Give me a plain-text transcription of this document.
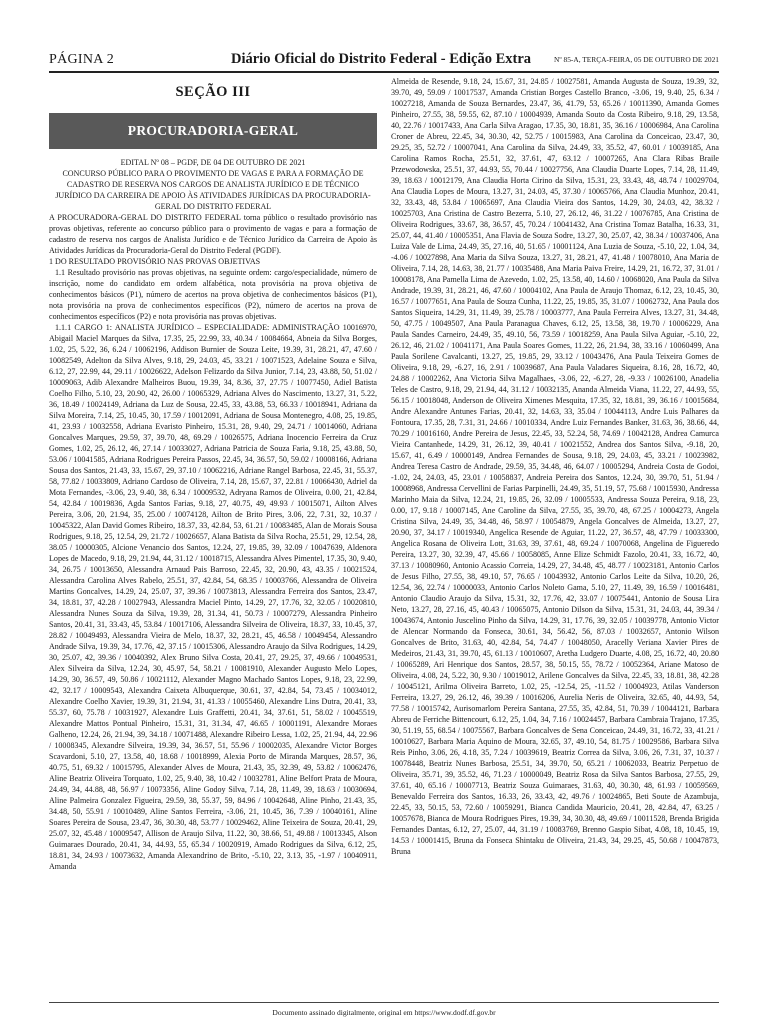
PÁGINA 2	Diário Oficial do Distrito Federal - Edição Extra	Nº 85-A, TERÇA-FEIRA, 05 DE OUTUBRO DE 2021
SEÇÃO III
PROCURADORIA-GERAL
EDITAL Nº 08 – PGDF, DE 04 DE OUTUBRO DE 2021
CONCURSO PÚBLICO PARA O PROVIMENTO DE VAGAS E PARA A FORMAÇÃO DE CADASTRO DE RESERVA NOS CARGOS DE ANALISTA JURÍDICO E DE TÉCNICO JURÍDICO DA CARREIRA DE APOIO ÀS ATIVIDADES JURÍDICAS DA PROCURADORIA-GERAL DO DISTRITO FEDERAL
A PROCURADORA-GERAL DO DISTRITO FEDERAL torna público o resultado provisório nas provas objetivas, referente ao concurso público para o provimento de vagas e para a formação de cadastro de reserva nos cargos de Analista Jurídico e de Técnico Jurídico da Carreira de Apoio às Atividades Jurídicas da Procuradoria-Geral do Distrito Federal (PGDF).
1 DO RESULTADO PROVISÓRIO NAS PROVAS OBJETIVAS
1.1 Resultado provisório nas provas objetivas, na seguinte ordem: cargo/especialidade, número de inscrição, nome do candidato em ordem alfabética, nota provisória na prova objetiva de conhecimentos básicos (P1), número de acertos na prova objetiva de conhecimentos básicos (P1), nota provisória na prova de conhecimentos específicos (P2), número de acertos na prova de conhecimentos específicos (P2) e nota provisória nas provas objetivas.
1.1.1 CARGO 1: ANALISTA JURÍDICO – ESPECIALIDADE: ADMINISTRAÇÃO 10016970, Abigail Maciel Marques da Silva, 17.35, 25, 22.99, 33, 40.34 / 10084664, Abneia da Silva Borges, 1.02, 25, 5.22, 36, 6.24 / 10062196, Addison Burnier de Souza Leite, 19.39, 31, 28.21, 47, 47.60 / 10082549, Adelton da Silva Alves, 9.18, 29, 24.03, 45, 33.21 / 10071523, Adelaine Souza e Silva, 6.12, 27, 22.99, 44, 29.11 / 10026622, Adelson Felizardo da Silva Junior, 7.14, 23, 43.88, 50, 51.02 / 10009063, Adib Alexandre Malheiros Buou, 19.39, 34, 8.36, 37, 27.75 / 10077450, Adiel Batista Coelho Filho, 5.10, 23, 20.90, 42, 26.00 / 10065329, Adriana Alves do Nascimento, 13.27, 31, 5.22, 36, 18.49 / 10024149, Adriana da Luz de Sousa, 22.45, 33, 43.88, 53, 66.33 / 10018941, Adriana da Silva Moreira, 7.14, 25, 10.45, 30, 17.59 / 10012091, Adriana de Sousa Montenegro, 4.08, 25, 19.85, 41, 23.93 / 10032558, Adriana Evaristo Pinheiro, 15.31, 28, 9.40, 29, 24.71 / 10014060, Adriana Goncalves Marques, 29.59, 37, 39.70, 48, 69.29 / 10026575, Adriana Inocencio Ferreira da Cruz Gomes, 1.02, 25, 26.12, 46, 27.14 / 10033027, Adriana Patricia de Souza Faria, 9.18, 25, 43.88, 50, 53.06 / 10041585, Adriana Rodrigues Pereira Passos, 22.45, 34, 36.57, 50, 59.02 / 10008166, Adriana Sousa dos Santos, 21.43, 33, 15.67, 29, 37.10 / 10062216, Adriane Rangel Barbosa, 22.45, 31, 55.37, 58, 77.82 / 10033809, Adriano Cardoso de Oliveira, 7.14, 28, 15.67, 37, 22.81 / 10066430, Adriel da Mota Fernandes, -3.06, 23, 9.40, 38, 6.34 / 10009532, Adryana Ramos de Oliveira, 0.00, 21, 42.84, 54, 42.84 / 10019836, Agda Santos Farias, 9.18, 27, 40.75, 49, 49.93 / 10015071, Ailton Alves Pereira, 3.06, 20, 21.94, 35, 25.00 / 10074128, Ailton de Brito Pires, 3.06, 22, 7.31, 32, 10.37 / 10045322, Alan David Gomes Ribeiro, 18.37, 33, 42.84, 53, 61.21 / 10083485, Alan de Morais Sousa Rodrigues, 9.18, 25, 12.54, 29, 21.72 / 10026657, Alana Batista da Silva Rocha, 25.51, 29, 12.54, 28, 38.05 / 10000305, Alcione Venancio dos Santos, 12.24, 27, 19.85, 39, 32.09 / 10047639, Aldenora Lopes de Macedo, 9.18, 29, 21.94, 44, 31.12 / 10018715, Alessandra Alves Pimentel, 17.35, 30, 9.40, 34, 26.75 / 10013650, Alessandra Arnaud Pais Barroso, 22.45, 32, 20.90, 43, 43.35 / 10021524, Alessandra Carolina Alves Rabelo, 25.51, 37, 42.84, 54, 68.35 / 10003766, Alessandra de Oliveira Martins Goncalves, 14.29, 24, 25.07, 37, 39.36 / 10073813, Alessandra Ferreira dos Santos, 23.47, 34, 18.81, 37, 42.28 / 10027943, Alessandra Maciel Pinto, 14.29, 27, 17.76, 32, 32.05 / 10020810, Alessandra Nunes Souza da Silva, 19.39, 28, 31.34, 41, 50.73 / 10007279, Alessandra Pinheiro Santos, 20.41, 31, 33.43, 45, 53.84 / 10017106, Alessandra Silveira de Oliveira, 18.37, 33, 10.45, 37, 28.82 / 10049493, Alessandra Vieira de Melo, 18.37, 32, 28.21, 45, 46.58 / 10049454, Alessandro Andrade Silva, 19.39, 34, 17.76, 42, 37.15 / 10015306, Alessandro Araujo da Silva Rodrigues, 14.29, 30, 25.07, 42, 39.36 / 10040392, Alex Bruno Silva Costa, 20.41, 27, 29.25, 37, 49.66 / 10049531, Alex Silveira da Silva, 12.24, 30, 45.97, 54, 58.21 / 10081910, Alexander Augusto Melo Lopes, 14.29, 30, 36.57, 49, 50.86 / 10021112, Alexander Magno Machado Santos Lopes, 9.18, 23, 22.99, 42, 32.17 / 10009543, Alexandra Caixeta Albuquerque, 30.61, 37, 42.84, 54, 73.45 / 10034012, Alexandre Coelho Xavier, 19.39, 31, 21.94, 31, 41.33 / 10055460, Alexandre Lins Dutra, 20.41, 33, 55.37, 60, 75.78 / 10031927, Alexandre Luis Graffetti, 20.41, 34, 37.61, 51, 58.02 / 10045519, Alexandre Mattos Pontual Pinheiro, 15.31, 31, 31.34, 47, 46.65 / 10001191, Alexandre Moraes Galheno, 12.24, 26, 21.94, 39, 34.18 / 10071488, Alexandre Ribeiro Lessa, 1.02, 25, 21.94, 44, 22.96 / 10008345, Alexandre Silveira, 19.39, 34, 36.57, 51, 55.96 / 10002035, Alexandre Victor Borges Scavardoni, 5.10, 27, 13.58, 40, 18.68 / 10018999, Alexia Porto de Miranda Marques, 28.57, 36, 40.75, 51, 69.32 / 10015795, Alexander Alves de Moura, 21.43, 35, 32.39, 49, 53.82 / 10062476, Aline Beatriz Oliveira Torquato, 1.02, 25, 9.40, 38, 10.42 / 10032781, Aline Belfort Prata de Moura, 24.49, 34, 44.88, 48, 56.97 / 10073356, Aline Godoy Silva, 7.14, 28, 11.49, 39, 18.63 / 10030694, Aline Palmeira Gonzalez Figueira, 29.59, 38, 55.37, 59, 84.96 / 10042648, Aline Pinho, 21.43, 35, 34.48, 50, 55.91 / 10010489, Aline Santos Ferreira, -3.06, 21, 10.45, 36, 7.39 / 10040161, Aline Soares Pereira de Sousa, 23.47, 36, 30.30, 48, 53.77 / 10029462, Aline Teixeira de Souza, 20.41, 29, 25.07, 32, 45.48 / 10009547, Allison de Araujo Silva, 11.22, 30, 38.66, 51, 49.88 / 10013345, Alson Guimaraes Dourado, 20.41, 34, 44.93, 55, 65.34 / 10020919, Amado Rodrigues da Silva, 6.12, 25, 18.81, 34, 24.93 / 10073632, Amanda Alexandrino de Brito, -5.10, 22, 3.13, 35, -1.97 / 10040911, Amanda
Almeida de Resende, 9.18, 24, 15.67, 31, 24.85 / 10027581, Amanda Augusta de Souza, 19.39, 32, 39.70, 49, 59.09 / 10017537, Amanda Cristian Borges Castello Branco, -3.06, 19, 9.40, 25, 6.34 / 10027218, Amanda de Souza Bernardes, 23.47, 36, 41.79, 53, 65.26 / 10011390, Amanda Gomes Pinheiro, 27.55, 38, 59.55, 62, 87.10 / 10004939, Amanda Souto da Costa Ribeiro, 9.18, 29, 13.58, 40, 22.76 / 10017433, Ana Carla Silva Aragao, 17.35, 30, 18.81, 35, 36.16 / 10006984, Ana Carolina Croner de Abreu, 22.45, 34, 30.30, 42, 52.75 / 10015983, Ana Carolina da Conceicao, 23.47, 30, 29.25, 35, 52.72 / 10007041, Ana Carolina da Silva, 24.49, 33, 35.52, 47, 60.01 / 10039185, Ana Carolina Ramos Rocha, 25.51, 32, 37.61, 47, 63.12 / 10007265, Ana Clara Ribas Braile Przewodowska, 25.51, 37, 44.93, 55, 70.44 / 10027756, Ana Claudia Duarte Lopes, 7.14, 28, 11.49, 39, 18.63 / 10012179, Ana Claudia Horta Cirino da Silva, 15.31, 23, 33.43, 48, 48.74 / 10029704, Ana Claudia Lopes de Moura, 13.27, 31, 24.03, 45, 37.30 / 10065766, Ana Claudia Munhoz, 20.41, 32, 33.43, 48, 53.84 / 10065697, Ana Claudia Vieira dos Santos, 14.29, 30, 24.03, 42, 38.32 / 10025703, Ana Cristina de Castro Bezerra, 5.10, 27, 26.12, 46, 31.22 / 10076785, Ana Cristina de Oliveira Rodrigues, 33.67, 38, 36.57, 45, 70.24 / 10041432, Ana Cristina Tomaz Batalha, 16.33, 31, 25.07, 44, 41.40 / 10005351, Ana Flavia de Souza Sodre, 13.27, 30, 25.07, 42, 38.34 / 10037406, Ana Luiza Vale de Lima, 24.49, 35, 27.16, 40, 51.65 / 10001124, Ana Luzia de Souza, -5.10, 22, 1.04, 34, -4.06 / 10027898, Ana Maria da Silva Souza, 13.27, 31, 28.21, 47, 41.48 / 10078010, Ana Maria de Oliveira, 7.14, 28, 14.63, 38, 21.77 / 10035488, Ana Maria Paiva Freire, 14.29, 21, 16.72, 37, 31.01 / 10008178, Ana Pamella Lima de Azevedo, 1.02, 25, 13.58, 40, 14.60 / 10068020, Ana Paula da Silva Andrade, 19.39, 31, 28.21, 46, 47.60 / 10004102, Ana Paula de Araujo Thomaz, 6.12, 23, 10.45, 30, 16.57 / 10077651, Ana Paula de Souza Cunha, 11.22, 25, 19.85, 35, 31.07 / 10062732, Ana Paula dos Santos Siqueira, 14.29, 31, 11.49, 39, 25.78 / 10003777, Ana Paula Ferreira Alves, 13.27, 31, 34.48, 50, 47.75 / 10049507, Ana Paula Paranagua Chaves, 6.12, 25, 13.58, 38, 19.70 / 10006229, Ana Paula Sandes Carneiro, 24.49, 35, 49.10, 56, 73.59 / 10018259, Ana Paula Silva Aguiar, -5.10, 22, 26.12, 46, 21.02 / 10041171, Ana Paula Soares Gomes, 11.22, 26, 21.94, 38, 33.16 / 10060499, Ana Paula Sorilene Cavalcanti, 13.27, 25, 19.85, 29, 33.12 / 10043476, Ana Paula Teixeira Gomes de Oliveira, 9.18, 29, -6.27, 16, 2.91 / 10039687, Ana Paula Valadares Siqueira, 8.16, 28, 16.72, 40, 24.88 / 10002262, Ana Victoria Silva Magalhaes, -3.06, 22, -6.27, 28, -9.33 / 10026100, Anadelia Teles de Castro, 9.18, 29, 21.94, 44, 31.12 / 10032135, Ananda Almeida Viana, 11.22, 27, 44.93, 55, 56.15 / 10018048, Anderson de Oliveira Ximenes Mesquita, 17.35, 32, 18.81, 39, 36.16 / 10015684, Andre Alexandre Antunes Farias, 20.41, 32, 14.63, 33, 35.04 / 10044113, Andre Luis Palhares da Fontoura, 17.35, 28, 7.31, 31, 24.66 / 10010334, Andre Luiz Fernandes Banker, 31.63, 36, 38.66, 44, 70.29 / 10016160, Andre Pereira de Jesus, 22.45, 33, 52.24, 58, 74.69 / 10042128, Andrea Camurca Vieira Cantanhede, 14.29, 31, 26.12, 39, 40.41 / 10021552, Andrea dos Santos Silva, -9.18, 20, 15.67, 41, 6.49 / 10000149, Andrea Fernandes de Sousa, 9.18, 29, 24.03, 45, 33.21 / 10023982, Andrea Teresa Castro de Andrade, 29.59, 35, 34.48, 46, 64.07 / 10005294, Andreia Costa de Godoi, -1.02, 24, 24.03, 45, 23.01 / 10058837, Andreia Pereira dos Santos, 12.24, 30, 39.70, 51, 51.94 / 10008968, Andressa Cervellini de Farias Parpinelli, 24.49, 35, 51.19, 57, 75.68 / 10015930, Andressa Marinho Maia da Silva, 12.24, 21, 19.85, 26, 32.09 / 10005533, Andressa Souza Pereira, 9.18, 23, 0.00, 17, 9.18 / 10007145, Ane Caroline da Silva, 27.55, 35, 39.70, 48, 67.25 / 10004273, Angela Cristina Silva, 24.49, 35, 34.48, 46, 58.97 / 10054879, Angela Goncalves de Almeida, 13.27, 27, 20.90, 37, 34.17 / 10019340, Angelica Resende de Aguiar, 11.22, 27, 36.57, 48, 47.79 / 10033300, Angelica Rosana de Oliveira Lott, 31.63, 39, 37.61, 48, 69.24 / 10070068, Angelina de Figueredo Pereira, 13.27, 30, 32.39, 47, 45.66 / 10058085, Anne Elize Schmidt Fazolo, 20.41, 33, 16.72, 40, 37.13 / 10080960, Antonio Acassio Correia, 14.29, 27, 34.48, 45, 48.77 / 10023181, Antonio Carlos de Jesus Filho, 27.55, 38, 49.10, 57, 76.65 / 10043932, Antonio Carlos Leite da Silva, 10.20, 26, 12.54, 36, 22.74 / 10000033, Antonio Carlos Noleto Gama, 5.10, 27, 11.49, 39, 16.59 / 10016481, Antonio Claudio Araujo da Silva, 15.31, 32, 17.76, 42, 33.07 / 10075441, Antonio de Sousa Lira Neto, 13.27, 28, 27.16, 45, 40.43 / 10065075, Antonio Dilson da Silva, 15.31, 31, 24.03, 44, 39.34 / 10043674, Antonio Juscelino Pinho da Silva, 14.29, 31, 17.76, 39, 32.05 / 10039778, Antonio Victor de Alencar Normando da Fonseca, 30.61, 34, 56.42, 56, 87.03 / 10032657, Antonio Wilson Goncalves de Brito, 31.63, 40, 42.84, 54, 74.47 / 10048050, Aracelly Veriana Xavier Pires de Medeiros, 21.43, 31, 39.70, 45, 61.13 / 10010607, Aretha Ludgero Duarte, 4.08, 25, 16.72, 40, 20.80 / 10065289, Ari Henrique dos Santos, 28.57, 38, 50.15, 55, 78.72 / 10052364, Ariane Matoso de Oliveira, 4.08, 24, 5.22, 30, 9.30 / 10019012, Arilene Goncalves da Silva, 22.45, 33, 18.81, 38, 42.28 / 10045121, Arilma Oliveira Barreto, 1.02, 25, -12.54, 25, -11.52 / 10004923, Atilas Vanderson Ferreira, 13.27, 29, 26.12, 46, 39.39 / 10016206, Aurelia Neris de Oliveira, 32.65, 40, 44.93, 54, 77.58 / 10015742, Aurisomarlom Pereira Santana, 27.55, 35, 42.84, 51, 70.39 / 10044121, Barbara Abreu de Ferriche Bittencourt, 6.12, 25, 1.04, 34, 7.16 / 10024457, Barbara Cambraia Trajano, 17.35, 30, 51.19, 55, 68.54 / 10075567, Barbara Goncalves de Sena Conceicao, 24.49, 31, 16.72, 33, 41.21 / 10010627, Barbara Maria Aquino de Moura, 32.65, 37, 49.10, 54, 81.75 / 10029586, Barbara Silva Reis Pinho, 3.06, 26, 4.18, 35, 7.24 / 10039619, Beatriz Correa da Silva, 3.06, 26, 7.31, 37, 10.37 / 10078448, Beatriz Nunes Barbosa, 25.51, 34, 39.70, 50, 65.21 / 10062033, Beatriz Perpetuo de Oliveira, 35.71, 39, 35.52, 46, 71.23 / 10000049, Beatriz Rosa da Silva Santos Barbosa, 27.55, 29, 37.61, 40, 65.16 / 10007713, Beatriz Souza Guimaraes, 31.63, 40, 30.30, 48, 61.93 / 10059569, Benevaldo Ferreira dos Santos, 16.33, 26, 33.43, 42, 49.76 / 10024865, Beti Soute de Azambuja, 22.45, 33, 50.15, 53, 72.60 / 10059291, Bianca Candida Mauricio, 20.41, 28, 42.84, 47, 63.25 / 10057678, Bianca de Moura Rodrigues Pires, 19.39, 34, 30.30, 48, 49.69 / 10011528, Brenda Brigida Fernandes Dantas, 6.12, 27, 25.07, 44, 31.19 / 10083769, Brenno Gaspio Sibat, 4.08, 18, 10.45, 19, 14.53 / 10001415, Bruna da Fonseca Shintaku de Oliveira, 21.43, 34, 29.25, 45, 50.68 / 10047873, Bruna
Documento assinado digitalmente, original em https://www.dodf.df.gov.br
